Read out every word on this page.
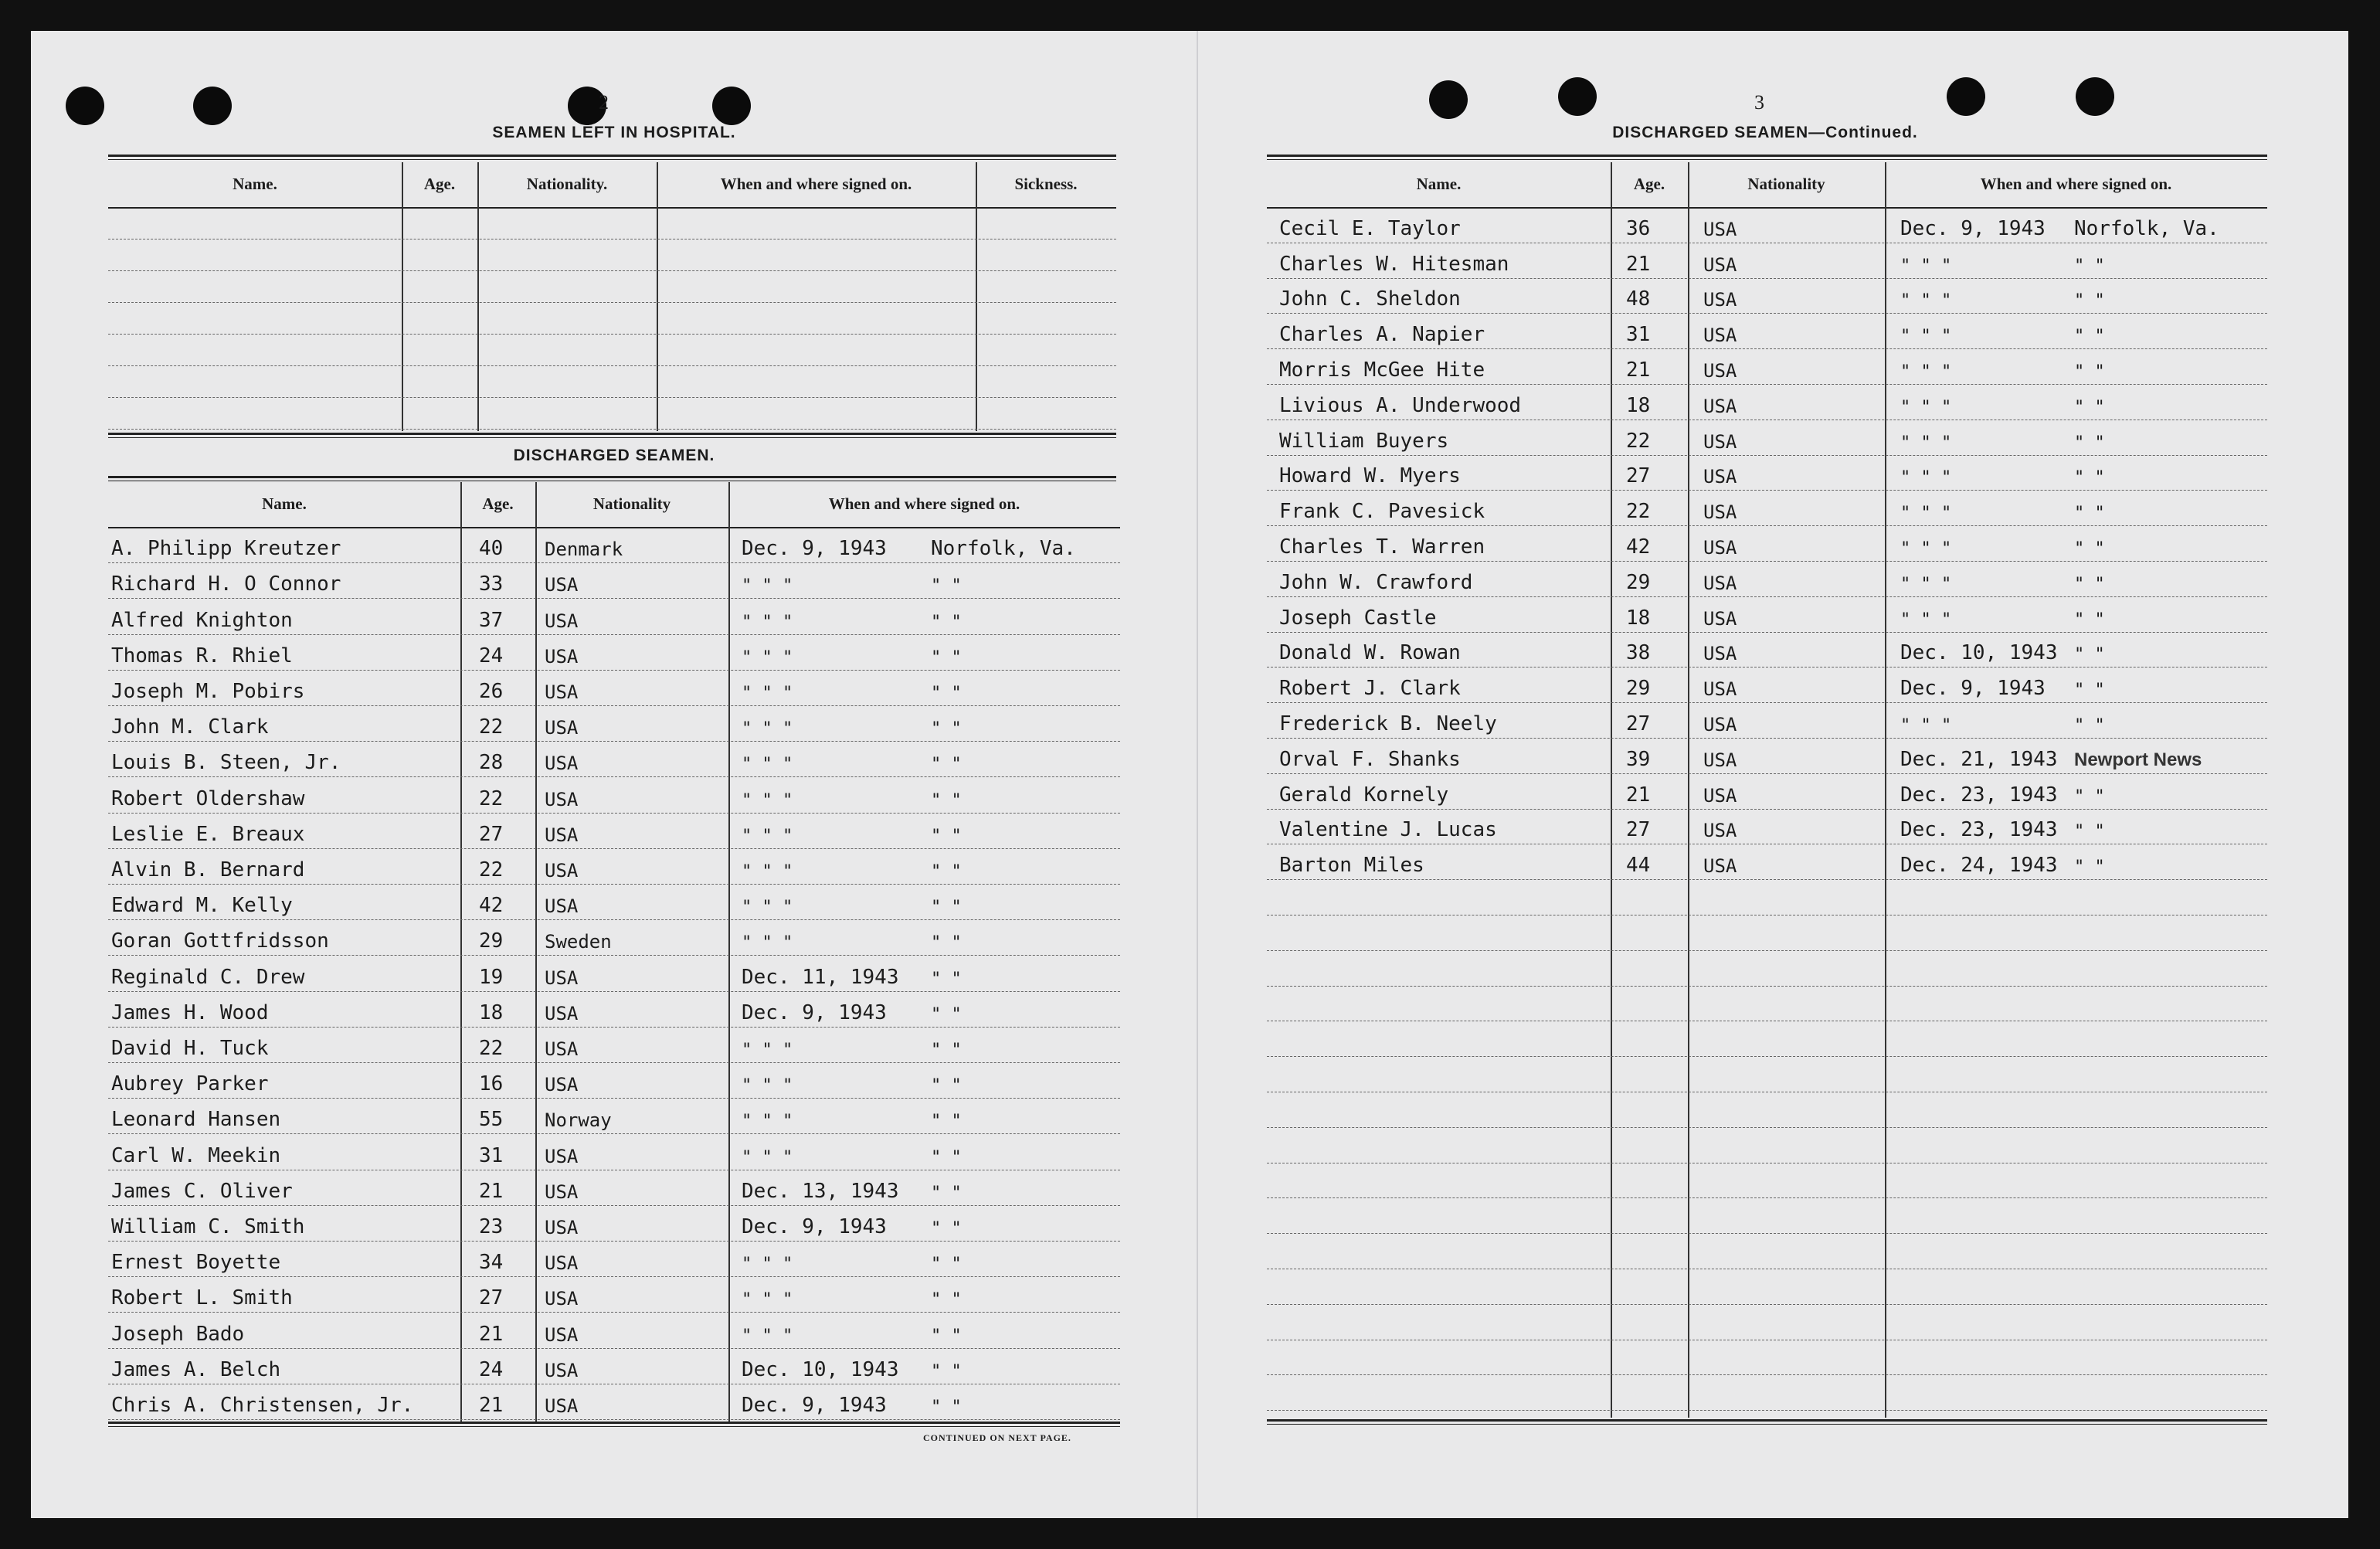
2
SEAMEN LEFT IN HOSPITAL.
Name.	Age.	Nationality.	When and where signed on.	Sickness.
DISCHARGED SEAMEN.
Name.	Age.	Nationality	When and where signed on.
A. Philipp Kreutzer	40 Denmark	Dec. 9, 1943 Norfolk, Va.
Richard H. O Connor	33 USA	" " "	" "
Alfred Knighton	37 USA	" " "	" "
Thomas R. Rhiel	24 USA	" " "	" "
Joseph M. Pobirs	26 USA	" " "	" "
John M. Clark	22 USA	" " "	" "
Louis B. Steen, Jr.	28 USA	" " "	" "
Robert Oldershaw	22 USA	" " "	" "
Leslie E. Breaux	27 USA	" " "	" "
Alvin B. Bernard	22 USA	" " "	" "
Edward M. Kelly	42 USA	" " "	" "
Goran Gottfridsson	29 Sweden	" " "	" "
Reginald C. Drew	19 USA	Dec. 11, 1943 " "
James H. Wood	18 USA	Dec. 9, 1943	" "
David H. Tuck	22 USA	" " "	" "
Aubrey Parker	16 USA	" " "	" "
Leonard Hansen	55 Norway	" " "	" "
Carl W. Meekin	31 USA	" " "	" "
James C. Oliver	21 USA	Dec. 13, 1943 " "
William C. Smith	23 USA	Dec. 9, 1943	" "
Ernest Boyette	34 USA	" " "	" "
Robert L. Smith	27 USA	" " "	" "
Joseph Bado	21 USA	" " "	" "
James A. Belch	24 USA	Dec. 10, 1943 " "
Chris A. Christensen, Jr.	21 USA	Dec. 9, 1943	" "
CONTINUED ON NEXT PAGE.
3
DISCHARGED SEAMEN—Continued.
Name.	Age.	Nationality	When and where signed on.
Cecil E. Taylor	36	USA	Dec. 9, 1943 Norfolk, Va.
Charles W. Hitesman	21	USA	" " "	" "
John C. Sheldon	48	USA	" " "	" "
Charles A. Napier	31	USA	" " "	" "
Morris McGee Hite	21	USA	" " "	" "
Livious A. Underwood	18	USA	" " "	" "
William Buyers	22	USA	" " "	" "
Howard W. Myers	27	USA	" " "	" "
Frank C. Pavesick	22	USA	" " "	" "
Charles T. Warren	42	USA	" " "	" "
John W. Crawford	29	USA	" " "	" "
Joseph Castle	18	USA	" " "	" "
Donald W. Rowan	38	USA	Dec. 10, 1943 " "
Robert J. Clark	29	USA	Dec. 9, 1943 " "
Frederick B. Neely	27	USA	" " "	" "
Orval F. Shanks	39	USA	Dec. 21, 1943 Newport News
Gerald Kornely	21	USA	Dec. 23, 1943 " "
Valentine J. Lucas	27	USA	Dec. 23, 1943 " "
Barton Miles	44	USA	Dec. 24, 1943 " "
